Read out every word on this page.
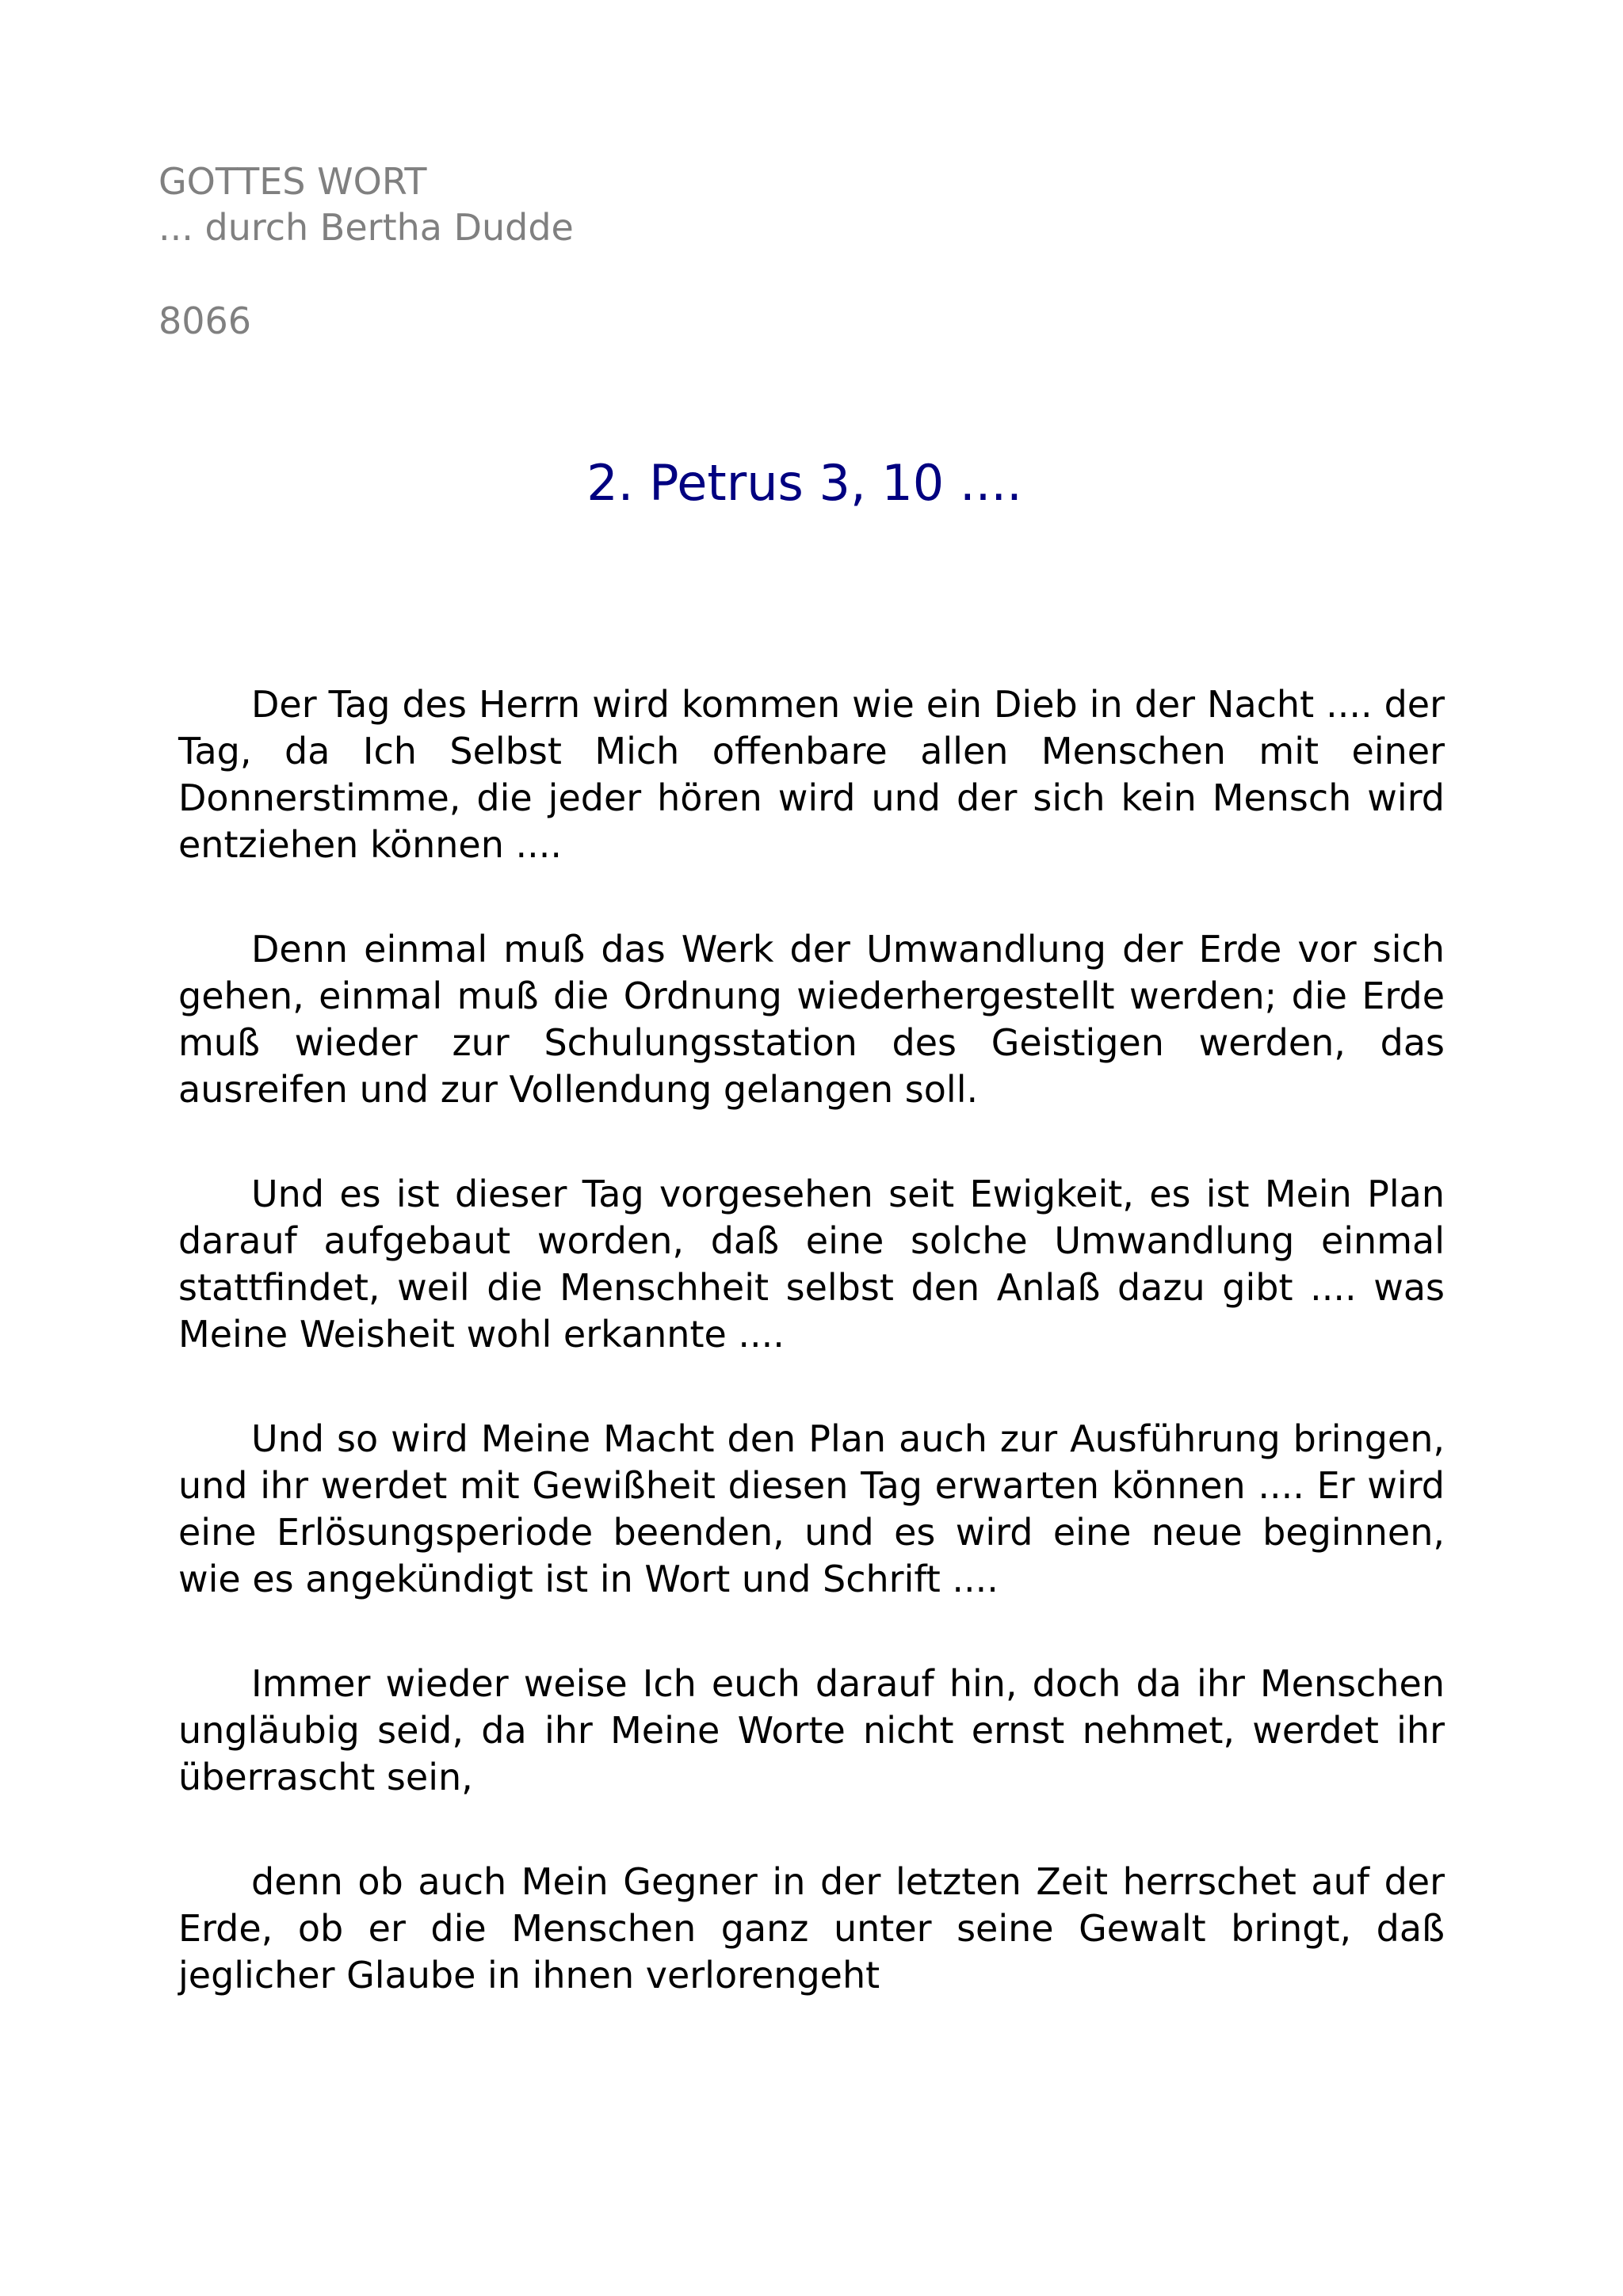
GOTTES WORT
... durch Bertha Dudde
8066
2. Petrus 3, 10 ....

Der Tag des Herrn wird kommen wie ein Dieb in der Nacht .... der Tag, da Ich Selbst Mich offenbare allen Menschen mit einer Donnerstimme, die jeder hören wird und der sich kein Mensch wird entziehen können ....

Denn einmal muß das Werk der Umwandlung der Erde vor sich gehen, einmal muß die Ordnung wiederhergestellt werden; die Erde muß wieder zur Schulungsstation des Geistigen werden, das ausreifen und zur Vollendung gelangen soll.

Und es ist dieser Tag vorgesehen seit Ewigkeit, es ist Mein Plan darauf aufgebaut worden, daß eine solche Umwandlung einmal stattfindet, weil die Menschheit selbst den Anlaß dazu gibt .... was Meine Weisheit wohl erkannte ....

Und so wird Meine Macht den Plan auch zur Ausführung bringen, und ihr werdet mit Gewißheit diesen Tag erwarten können .... Er wird eine Erlösungsperiode beenden, und es wird eine neue beginnen, wie es angekündigt ist in Wort und Schrift ....

Immer wieder weise Ich euch darauf hin, doch da ihr Menschen ungläubig seid, da ihr Meine Worte nicht ernst nehmet, werdet ihr überrascht sein,

denn ob auch Mein Gegner in der letzten Zeit herrschet auf der Erde, ob er die Menschen ganz unter seine Gewalt bringt, daß jeglicher Glaube in ihnen verlorengeht
